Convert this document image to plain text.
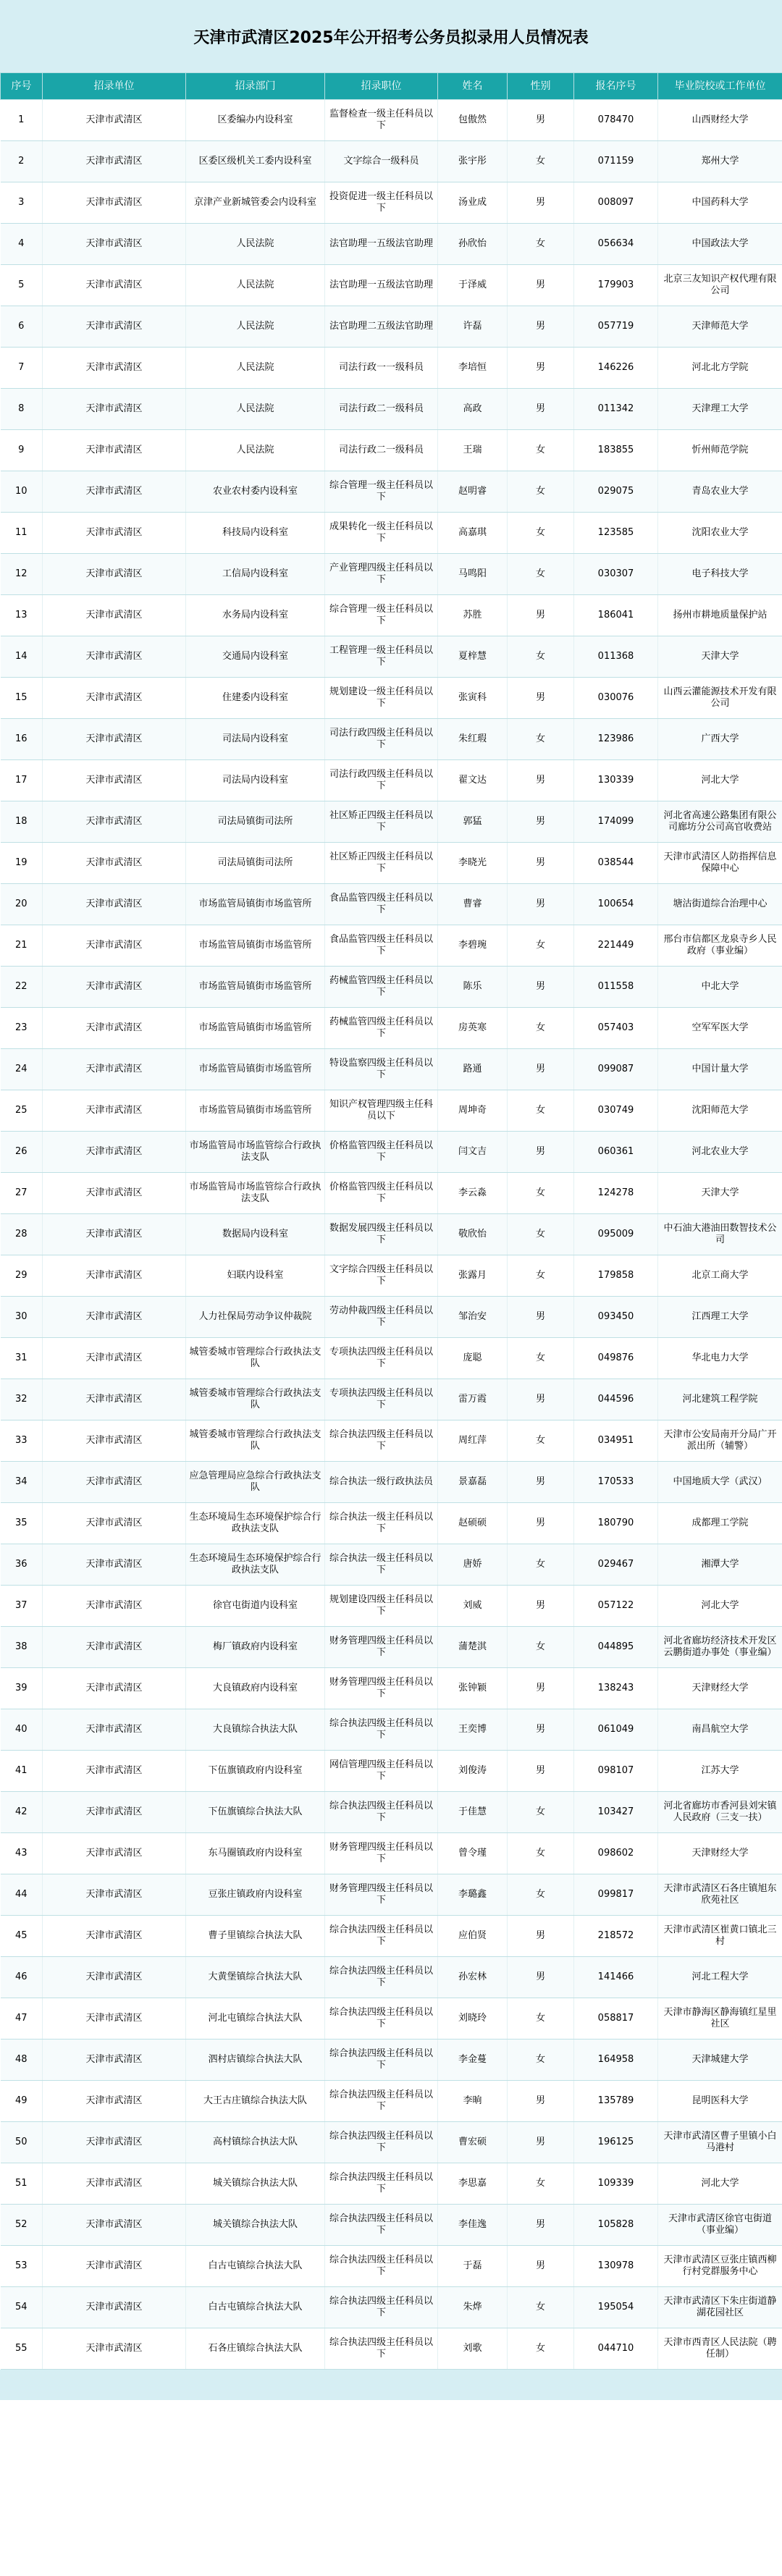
天津市武清区2025年公开招考公务员拟录用人员情况表
序号	招录单位	招录部门	招录职位	姓名	性别	报名序号	毕业院校或工作单位
1	天津市武清区	区委编办内设科室	监督检查一级主任科员以下	包傲然	男	078470	山西财经大学
2	天津市武清区	区委区级机关工委内设科室	文字综合一级科员	张宇彤	女	071159	郑州大学
3	天津市武清区	京津产业新城管委会内设科室	投资促进一级主任科员以下	汤业成	男	008097	中国药科大学
4	天津市武清区	人民法院	法官助理一五级法官助理	孙欣怡	女	056634	中国政法大学
5	天津市武清区	人民法院	法官助理一五级法官助理	于泽威	男	179903	北京三友知识产权代理有限公司
6	天津市武清区	人民法院	法官助理二五级法官助理	许磊	男	057719	天津师范大学
7	天津市武清区	人民法院	司法行政一一级科员	李培恒	男	146226	河北北方学院
8	天津市武清区	人民法院	司法行政二一级科员	高政	男	011342	天津理工大学
9	天津市武清区	人民法院	司法行政二一级科员	王瑞	女	183855	忻州师范学院
10	天津市武清区	农业农村委内设科室	综合管理一级主任科员以下	赵明睿	女	029075	青岛农业大学
11	天津市武清区	科技局内设科室	成果转化一级主任科员以下	高嘉琪	女	123585	沈阳农业大学
12	天津市武清区	工信局内设科室	产业管理四级主任科员以下	马鸣阳	女	030307	电子科技大学
13	天津市武清区	水务局内设科室	综合管理一级主任科员以下	苏胜	男	186041	扬州市耕地质量保护站
14	天津市武清区	交通局内设科室	工程管理一级主任科员以下	夏梓慧	女	011368	天津大学
15	天津市武清区	住建委内设科室	规划建设一级主任科员以下	张寅科	男	030076	山西云灌能源技术开发有限公司
16	天津市武清区	司法局内设科室	司法行政四级主任科员以下	朱红瑕	女	123986	广西大学
17	天津市武清区	司法局内设科室	司法行政四级主任科员以下	翟文达	男	130339	河北大学
18	天津市武清区	司法局镇街司法所	社区矫正四级主任科员以下	郭猛	男	174099	河北省高速公路集团有限公司廊坊分公司高官收费站
19	天津市武清区	司法局镇街司法所	社区矫正四级主任科员以下	李晓光	男	038544	天津市武清区人防指挥信息保障中心
20	天津市武清区	市场监管局镇街市场监管所	食品监管四级主任科员以下	曹睿	男	100654	塘沽街道综合治理中心
21	天津市武清区	市场监管局镇街市场监管所	食品监管四级主任科员以下	李碧琬	女	221449	邢台市信都区龙泉寺乡人民政府（事业编）
22	天津市武清区	市场监管局镇街市场监管所	药械监管四级主任科员以下	陈乐	男	011558	中北大学
23	天津市武清区	市场监管局镇街市场监管所	药械监管四级主任科员以下	房英寒	女	057403	空军军医大学
24	天津市武清区	市场监管局镇街市场监管所	特设监察四级主任科员以下	路通	男	099087	中国计量大学
25	天津市武清区	市场监管局镇街市场监管所	知识产权管理四级主任科员以下	周坤奇	女	030749	沈阳师范大学
26	天津市武清区	市场监管局市场监管综合行政执法支队	价格监管四级主任科员以下	闫文吉	男	060361	河北农业大学
27	天津市武清区	市场监管局市场监管综合行政执法支队	价格监管四级主任科员以下	李云淼	女	124278	天津大学
28	天津市武清区	数据局内设科室	数据发展四级主任科员以下	敬欣怡	女	095009	中石油大港油田数智技术公司
29	天津市武清区	妇联内设科室	文字综合四级主任科员以下	张露月	女	179858	北京工商大学
30	天津市武清区	人力社保局劳动争议仲裁院	劳动仲裁四级主任科员以下	邹治安	男	093450	江西理工大学
31	天津市武清区	城管委城市管理综合行政执法支队	专项执法四级主任科员以下	庞聪	女	049876	华北电力大学
32	天津市武清区	城管委城市管理综合行政执法支队	专项执法四级主任科员以下	雷万霞	男	044596	河北建筑工程学院
33	天津市武清区	城管委城市管理综合行政执法支队	综合执法四级主任科员以下	周红萍	女	034951	天津市公安局南开分局广开派出所（辅警）
34	天津市武清区	应急管理局应急综合行政执法支队	综合执法一级行政执法员	景嘉磊	男	170533	中国地质大学（武汉）
35	天津市武清区	生态环境局生态环境保护综合行政执法支队	综合执法一级主任科员以下	赵硕硕	男	180790	成都理工学院
36	天津市武清区	生态环境局生态环境保护综合行政执法支队	综合执法一级主任科员以下	唐娇	女	029467	湘潭大学
37	天津市武清区	徐官屯街道内设科室	规划建设四级主任科员以下	刘威	男	057122	河北大学
38	天津市武清区	梅厂镇政府内设科室	财务管理四级主任科员以下	蒲楚淇	女	044895	河北省廊坊经济技术开发区云鹏街道办事处（事业编）
39	天津市武清区	大良镇政府内设科室	财务管理四级主任科员以下	张钟颖	男	138243	天津财经大学
40	天津市武清区	大良镇综合执法大队	综合执法四级主任科员以下	王奕博	男	061049	南昌航空大学
41	天津市武清区	下伍旗镇政府内设科室	网信管理四级主任科员以下	刘俊涛	男	098107	江苏大学
42	天津市武清区	下伍旗镇综合执法大队	综合执法四级主任科员以下	于佳慧	女	103427	河北省廊坊市香河县刘宋镇人民政府（三支一扶）
43	天津市武清区	东马圈镇政府内设科室	财务管理四级主任科员以下	曾令瑾	女	098602	天津财经大学
44	天津市武清区	豆张庄镇政府内设科室	财务管理四级主任科员以下	李璐鑫	女	099817	天津市武清区石各庄镇旭东欣苑社区
45	天津市武清区	曹子里镇综合执法大队	综合执法四级主任科员以下	应伯贤	男	218572	天津市武清区崔黄口镇北三村
46	天津市武清区	大黄堡镇综合执法大队	综合执法四级主任科员以下	孙宏林	男	141466	河北工程大学
47	天津市武清区	河北屯镇综合执法大队	综合执法四级主任科员以下	刘晓玲	女	058817	天津市静海区静海镇红星里社区
48	天津市武清区	泗村店镇综合执法大队	综合执法四级主任科员以下	李金蔓	女	164958	天津城建大学
49	天津市武清区	大王古庄镇综合执法大队	综合执法四级主任科员以下	李晌	男	135789	昆明医科大学
50	天津市武清区	高村镇综合执法大队	综合执法四级主任科员以下	曹宏硕	男	196125	天津市武清区曹子里镇小白马港村
51	天津市武清区	城关镇综合执法大队	综合执法四级主任科员以下	李思嘉	女	109339	河北大学
52	天津市武清区	城关镇综合执法大队	综合执法四级主任科员以下	李佳逸	男	105828	天津市武清区徐官屯街道（事业编）
53	天津市武清区	白古屯镇综合执法大队	综合执法四级主任科员以下	于磊	男	130978	天津市武清区豆张庄镇西柳行村党群服务中心
54	天津市武清区	白古屯镇综合执法大队	综合执法四级主任科员以下	朱烨	女	195054	天津市武清区下朱庄街道静湖花园社区
55	天津市武清区	石各庄镇综合执法大队	综合执法四级主任科员以下	刘歌	女	044710	天津市西青区人民法院（聘任制）
